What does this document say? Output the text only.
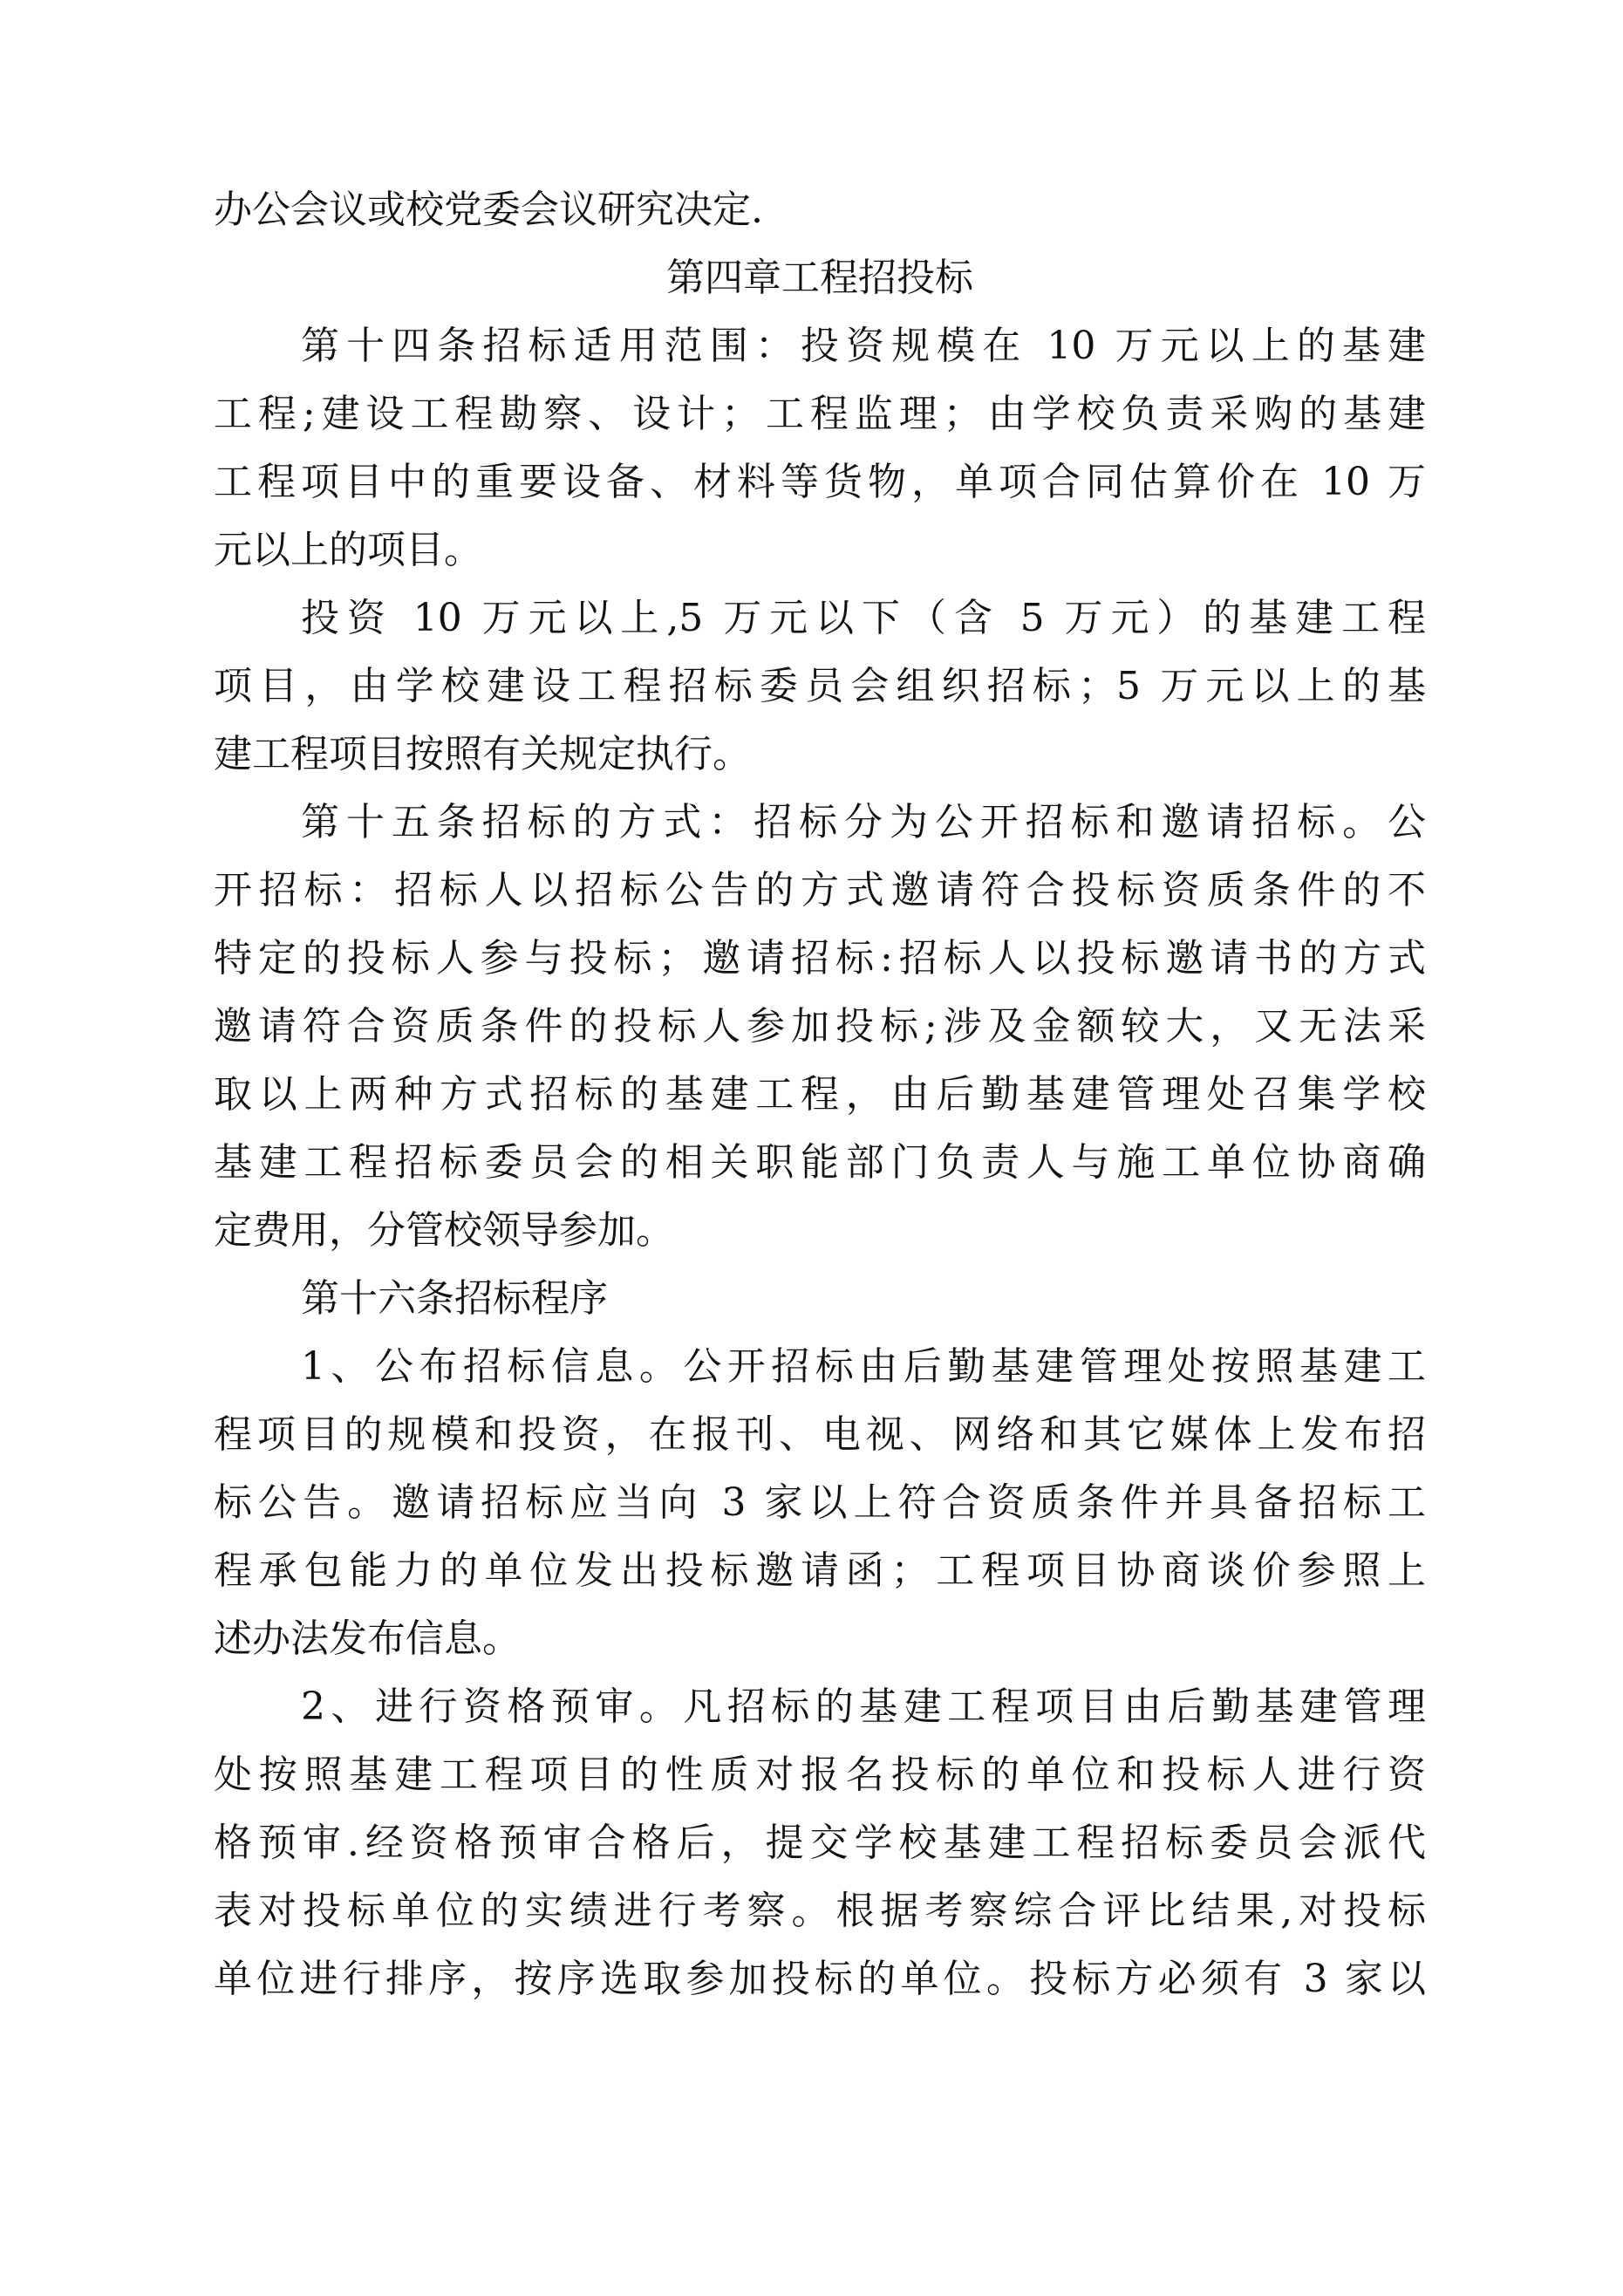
办公会议或校党委会议研究决定.

第四章工程招投标

第十四条招标适用范围：投资规模在 10 万元以上的基建

工程;建设工程勘察、设计；工程监理；由学校负责采购的基建

工程项目中的重要设备、材料等货物，单项合同估算价在 10 万

元以上的项目。

投资 10 万元以上,5 万元以下（含 5 万元）的基建工程

项目，由学校建设工程招标委员会组织招标；5 万元以上的基

建工程项目按照有关规定执行。

第十五条招标的方式：招标分为公开招标和邀请招标。公

开招标：招标人以招标公告的方式邀请符合投标资质条件的不

特定的投标人参与投标；邀请招标:招标人以投标邀请书的方式

邀请符合资质条件的投标人参加投标;涉及金额较大，又无法采

取以上两种方式招标的基建工程，由后勤基建管理处召集学校

基建工程招标委员会的相关职能部门负责人与施工单位协商确

定费用，分管校领导参加。

第十六条招标程序

1、公布招标信息。公开招标由后勤基建管理处按照基建工

程项目的规模和投资，在报刊、电视、网络和其它媒体上发布招

标公告。邀请招标应当向 3 家以上符合资质条件并具备招标工

程承包能力的单位发出投标邀请函；工程项目协商谈价参照上

述办法发布信息。

2、进行资格预审。凡招标的基建工程项目由后勤基建管理

处按照基建工程项目的性质对报名投标的单位和投标人进行资

格预审.经资格预审合格后，提交学校基建工程招标委员会派代

表对投标单位的实绩进行考察。根据考察综合评比结果,对投标

单位进行排序，按序选取参加投标的单位。投标方必须有 3 家以
